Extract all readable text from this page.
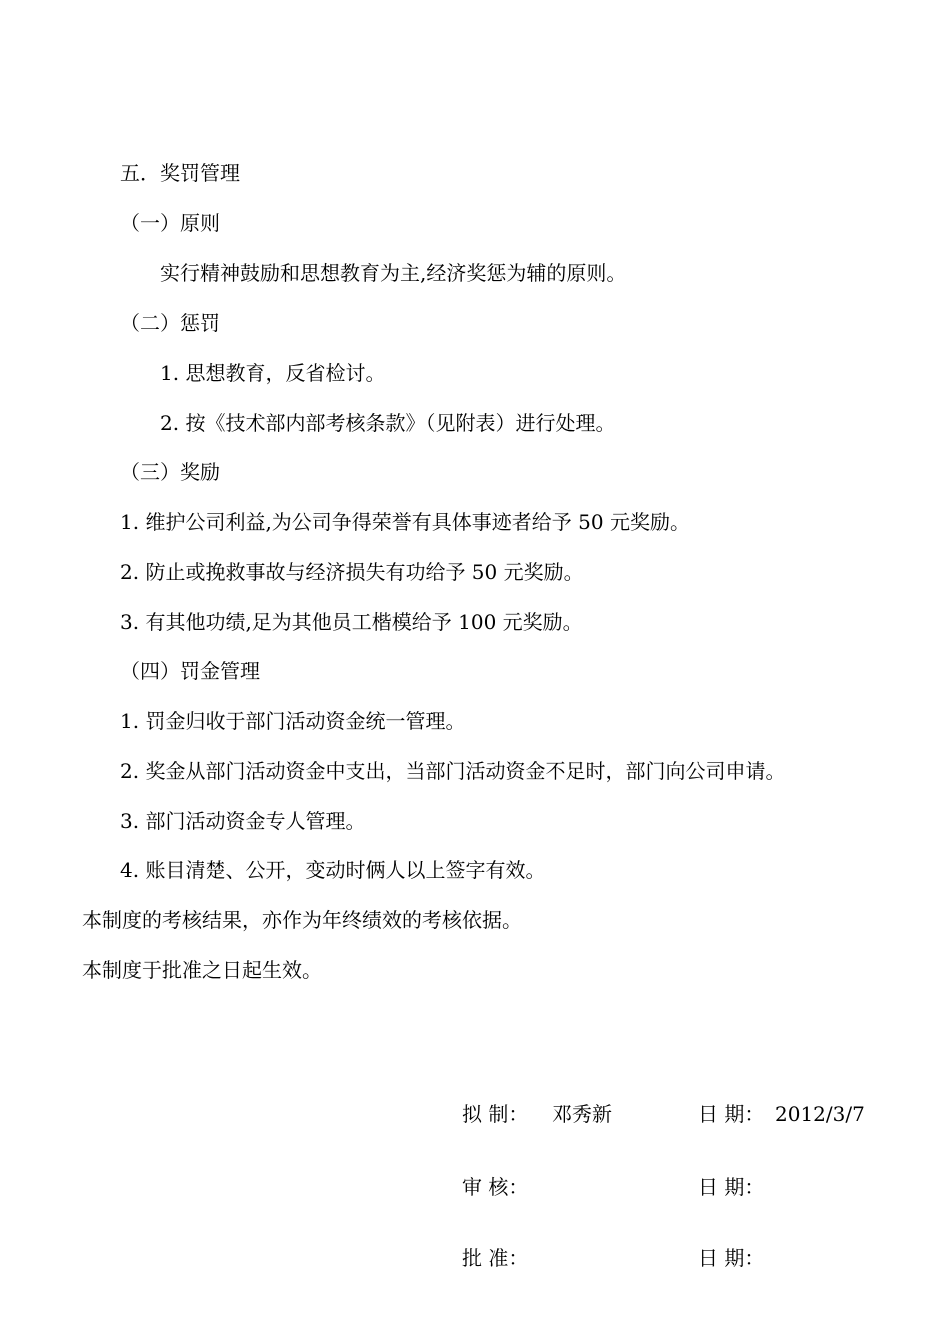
五．奖罚管理
（一）原则
实行精神鼓励和思想教育为主,经济奖惩为辅的原则。
（二）惩罚
1. 思想教育，反省检讨。
2. 按《技术部内部考核条款》（见附表）进行处理。
（三）奖励
1. 维护公司利益,为公司争得荣誉有具体事迹者给予 50 元奖励。
2. 防止或挽救事故与经济损失有功给予 50 元奖励。
3. 有其他功绩,足为其他员工楷模给予 100 元奖励。
（四）罚金管理
1. 罚金归收于部门活动资金统一管理。
2. 奖金从部门活动资金中支出，当部门活动资金不足时，部门向公司申请。
3. 部门活动资金专人管理。
4. 账目清楚、公开，变动时俩人以上签字有效。
本制度的考核结果，亦作为年终绩效的考核依据。
本制度于批准之日起生效。
拟 制： 邓秀新	日 期： 2012/3/7
审 核：	日 期：
批 准：	日 期：
